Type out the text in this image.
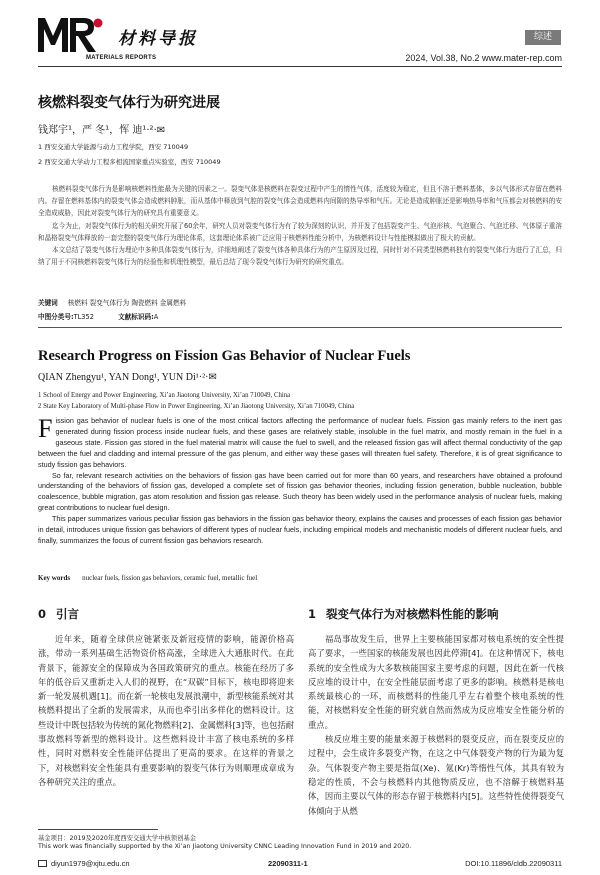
材料导报
MATERIALS REPORTS
综述
2024, Vol.38, No.2 www.mater-rep.com
核燃料裂变气体行为研究进展
钱郑宇¹，严 冬¹，恽 迪¹·²·✉
1 西安交通大学能源与动力工程学院，西安 710049
2 西安交通大学动力工程多相流国家重点实验室，西安 710049

核燃料裂变气体行为是影响核燃料性能最为关键的因素之一。裂变气体是核燃料在裂变过程中产生的惰性气体，活度较为稳定，但且不溶于燃料基体，多以气体形式存留在燃料内。存留在燃料基体内的裂变气体会造成燃料肿胀，而从基体中释放到气腔的裂变气体会造成燃料内间隙的热导率和气压。无论是造成肿胀还是影响热导率和气压都会对核燃料的安全造成威胁，因此对裂变气体行为的研究具有重要意义。

迄今为止，对裂变气体行为的相关研究开展了60余年，研究人员对裂变气体行为有了较为深刻的认识，并开发了包括裂变产生、气泡形核、气泡聚合、气泡迁移、气体原子重溶和晶格裂变气体释放的一套完整的裂变气体行为理论体系，这套理论体系被广泛应用于核燃料性能分析中，为核燃料设计与性能模拟做出了极大的贡献。

本文总结了裂变气体行为理论中多种具体裂变气体行为，详细地阐述了裂变气体各种具体行为的产生原因及过程，同时针对不同类型核燃料独有的裂变气体行为进行了汇总，归纳了用于不同核燃料裂变气体行为的经验性和机理性模型，最后总结了现今裂变气体行为研究的研究重点。

关键词 核燃料 裂变气体行为 陶瓷燃料 金属燃料
中图分类号:TL352	文献标识码:A
Research Progress on Fission Gas Behavior of Nuclear Fuels
QIAN Zhengyu¹, YAN Dong¹, YUN Di¹·²·✉
1 School of Energy and Power Engineering, Xi’an Jiaotong University, Xi’an 710049, China
2 State Key Laboratory of Multi-phase Flow in Power Engineering, Xi’an Jiaotong University, Xi’an 710049, China

Fission gas behavior of nuclear fuels is one of the most critical factors affecting the performance of nuclear fuels. Fission gas mainly refers to the inert gas generated during fission process inside nuclear fuels, and these gases are relatively stable, insoluble in the fuel matrix, and mostly remain in the fuel in a gaseous state. Fission gas stored in the fuel material matrix will cause the fuel to swell, and the released fission gas will affect thermal conductivity of the gap between the fuel and cladding and internal pressure of the gas plenum, and either way these gases will threaten fuel safety. Therefore, it is of great significance to study fission gas behaviors.

So far, relevant research activities on the behaviors of fission gas have been carried out for more than 60 years, and researchers have obtained a profound understanding of the behaviors of fission gas, developed a complete set of fission gas behavior theories, including fission generation, bubble nucleation, bubble coalescence, bubble migration, gas atom resolution and fission gas release. Such theory has been widely used in the performance analysis of nuclear fuels, making great contributions to nuclear fuel design.

This paper summarizes various peculiar fission gas behaviors in the fission gas behavior theory, explains the causes and processes of each fission gas behavior in detail, introduces unique fission gas behaviors of different types of nuclear fuels, including empirical models and mechanistic models of different nuclear fuels, and finally, summarizes the focus of current fission gas behaviors research.

Key words nuclear fuels, fission gas behaviors, ceramic fuel, metallic fuel
0 引言	1 裂变气体行为对核燃料性能的影响

近年来，随着全球供应链紧张及新冠疫情的影响，能源价格高涨，带动一系列基础生活物资价格高涨，全球进入大通胀时代。在此背景下，能源安全的保障成为各国政策研究的重点。核能在经历了多年的低谷后又重新走入人们的视野，在“双碳”目标下，核电即将迎来新一轮发展机遇[1]。而在新一轮核电发展浪潮中，新型核能系统对其核燃料提出了全新的发展需求，从而也牵引出多样化的燃料设计。这些设计中既包括较为传统的氮化物燃料[2]、金属燃料[3]等，也包括耐事故燃料等新型的燃料设计。这些燃料设计丰富了核电系统的多样性，同时对燃料安全性能评估提出了更高的要求。在这样的背景之下，对核燃料安全性能具有重要影响的裂变气体行为则顺理成章成为各种研究关注的重点。

福岛事故发生后，世界上主要核能国家都对核电系统的安全性提高了要求，一些国家的核能发展也因此停滞[4]。在这种情况下，核电系统的安全性成为大多数核能国家主要考虑的问题，因此在新一代核反应堆的设计中，在安全性能层面考虑了更多的影响。核燃料是核电系统最核心的一环，而核燃料的性能几乎左右着整个核电系统的性能，对核燃料安全性能的研究就自然而然成为反应堆安全性能分析的重点。

核反应堆主要的能量来源于核燃料的裂变反应，而在裂变反应的过程中，会生成许多裂变产物，在这之中气体裂变产物的行为最为复杂。气体裂变产物主要是指氙(Xe)、氪(Kr)等惰性气体，其具有较为稳定的性质，不会与核燃料内其他物质反应，也不溶解于核燃料基体，因而主要以气体的形态存留于核燃料内[5]。这些特性使得裂变气体倾向于从燃

基金项目：2019及2020年度西安交通大学中核领创基金
This work was financially supported by the Xi’an Jiaotong University CNNC Leading Innovation Fund in 2019 and 2020.
diyun1979@xjtu.edu.cn	22090311-1	DOI:10.11896/cldb.22090311
